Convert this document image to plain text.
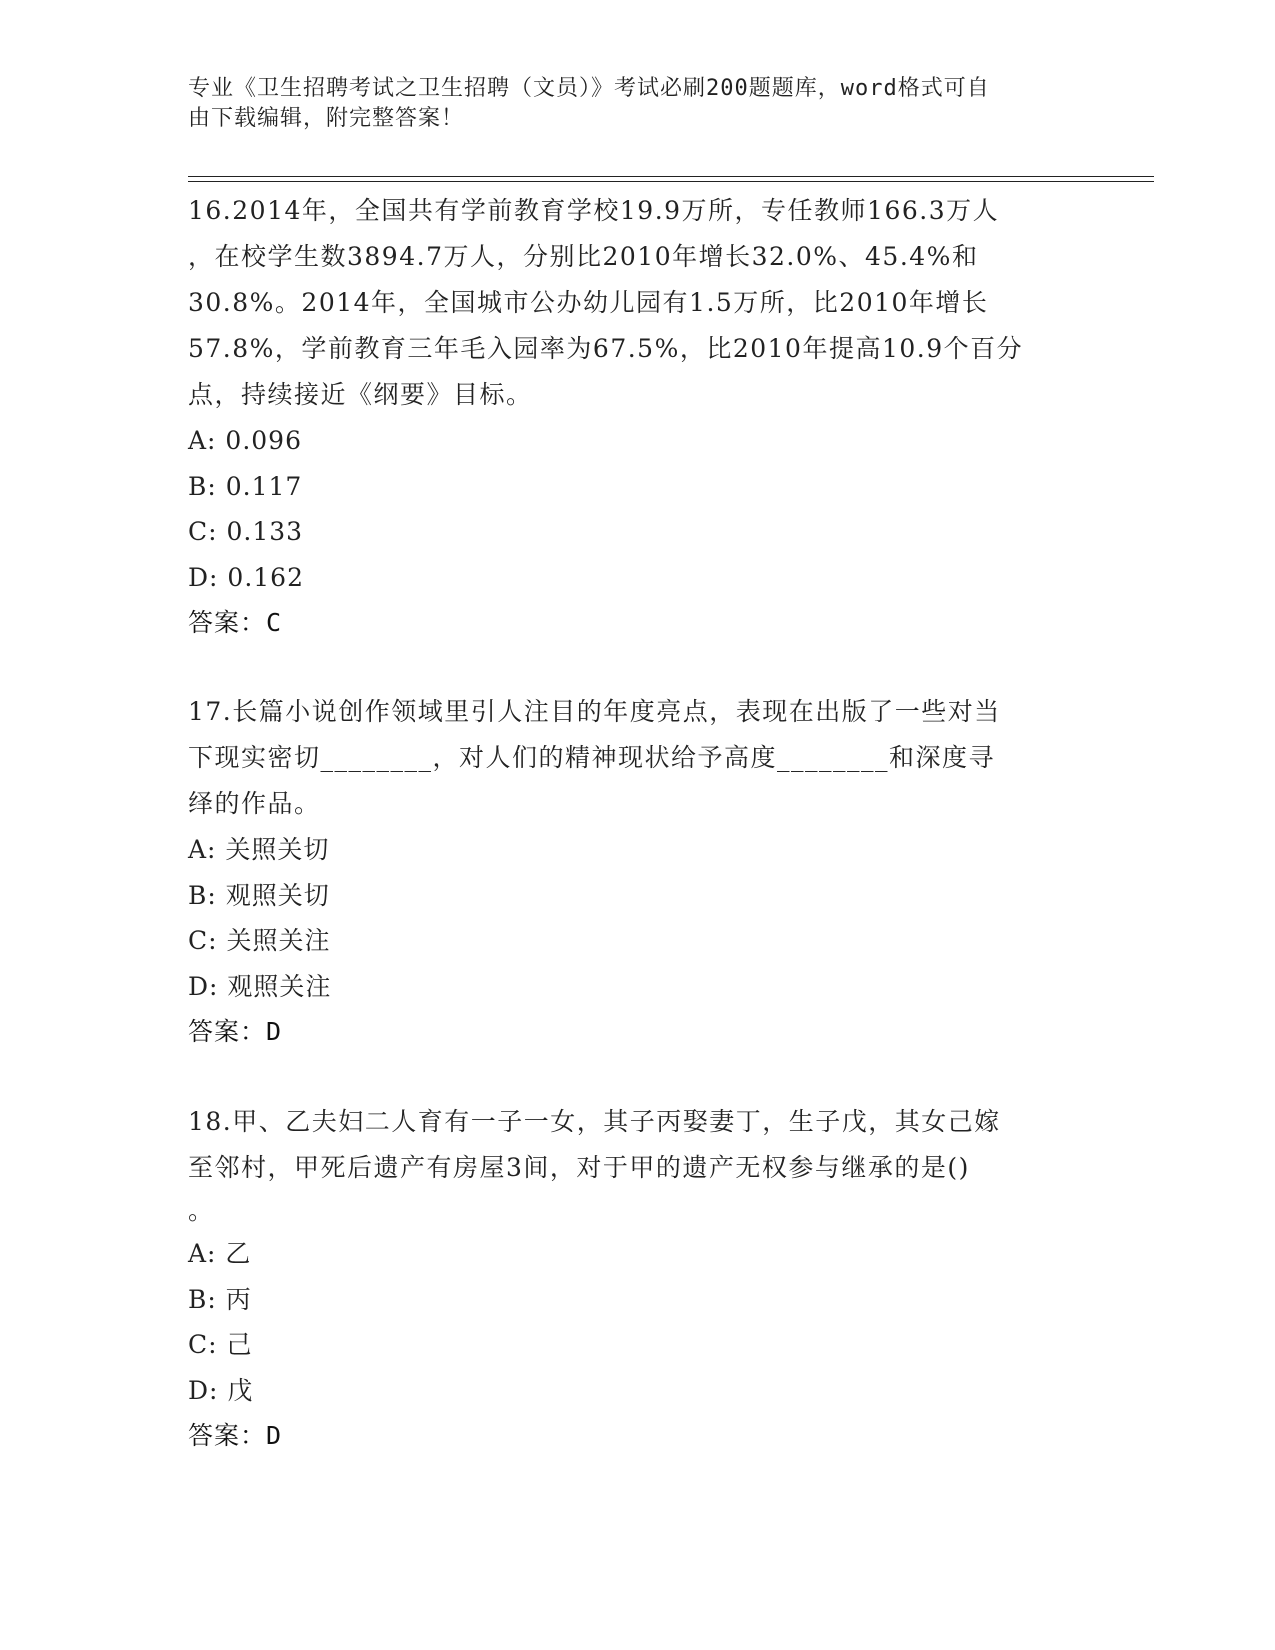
专业《卫生招聘考试之卫生招聘（文员）》考试必刷200题题库，word格式可自
由下载编辑，附完整答案！

16.2014年，全国共有学前教育学校19.9万所，专任教师166.3万人

，在校学生数3894.7万人，分别比2010年增长32.0%、45.4%和

30.8%。2014年，全国城市公办幼儿园有1.5万所，比2010年增长

57.8%，学前教育三年毛入园率为67.5%，比2010年提高10.9个百分

点，持续接近《纲要》目标。

A: 0.096

B: 0.117

C: 0.133

D: 0.162

答案：C

17.长篇小说创作领域里引人注目的年度亮点，表现在出版了一些对当

下现实密切________，对人们的精神现状给予高度________和深度寻

绎的作品。

A: 关照关切

B: 观照关切

C: 关照关注

D: 观照关注

答案：D

18.甲、乙夫妇二人育有一子一女，其子丙娶妻丁，生子戊，其女己嫁

至邻村，甲死后遗产有房屋3间，对于甲的遗产无权参与继承的是()

。

A: 乙

B: 丙

C: 己

D: 戊

答案：D
